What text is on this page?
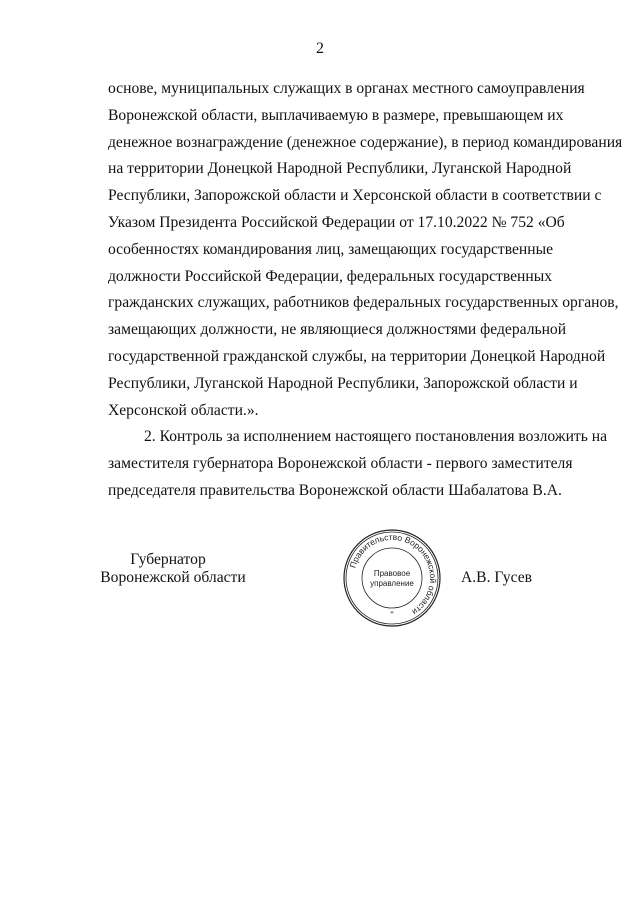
2
основе, муниципальных служащих в органах местного самоуправления
Воронежской области, выплачиваемую в размере, превышающем их
денежное вознаграждение (денежное содержание), в период командирования
на территории Донецкой Народной Республики, Луганской Народной
Республики, Запорожской области и Херсонской области в соответствии с
Указом Президента Российской Федерации от 17.10.2022 № 752 «Об
особенностях командирования лиц, замещающих государственные
должности Российской Федерации, федеральных государственных
гражданских служащих, работников федеральных государственных органов,
замещающих должности, не являющиеся должностями федеральной
государственной гражданской службы, на территории Донецкой Народной
Республики, Луганской Народной Республики, Запорожской области и
Херсонской области.».
2. Контроль за исполнением настоящего постановления возложить на
заместителя губернатора Воронежской области - первого заместителя
председателя правительства Воронежской области Шабалатова В.А.
Губернатор
Воронежской области	А.В. Гусев
Правительство Воронежской области
Правовое
управление
*
